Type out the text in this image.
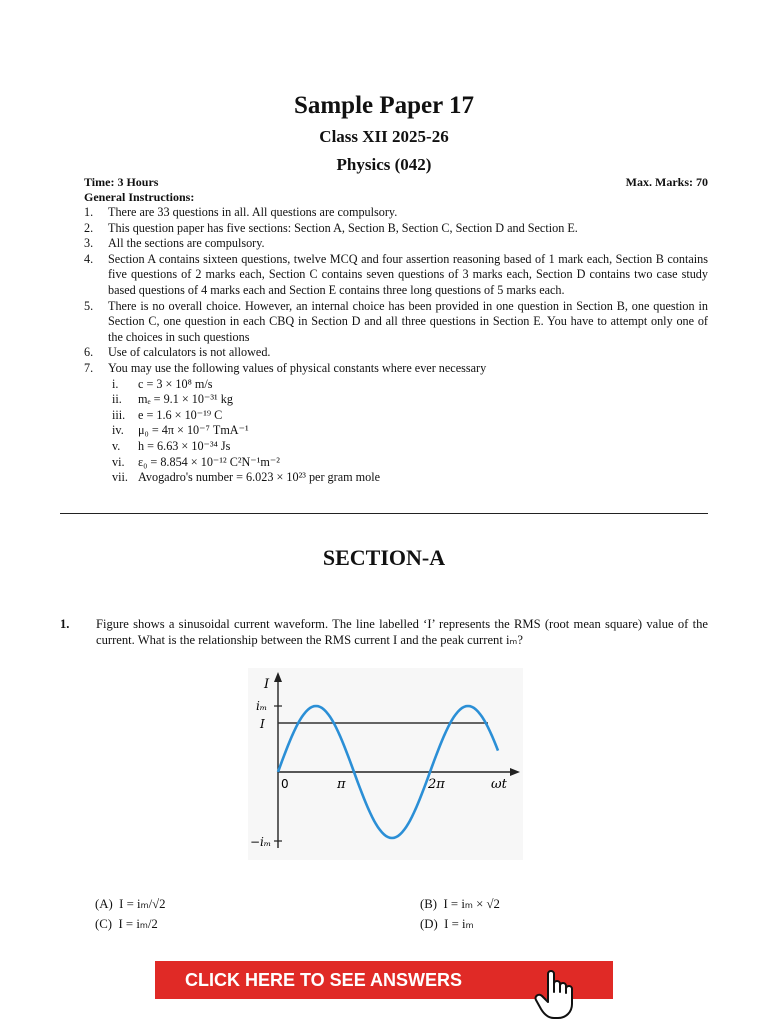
Sample Paper 17
Class XII 2025-26
Physics (042)
Time: 3 Hours	Max. Marks: 70
General Instructions:
1.	There are 33 questions in all. All questions are compulsory.
2.	This question paper has five sections: Section A, Section B, Section C, Section D and Section E.
3.	All the sections are compulsory.
4.	Section A contains sixteen questions, twelve MCQ and four assertion reasoning based of 1 mark each, Section B contains five questions of 2 marks each, Section C contains seven questions of 3 marks each, Section D contains two case study based questions of 4 marks each and Section E contains three long questions of 5 marks each.
5.	There is no overall choice. However, an internal choice has been provided in one question in Section B, one question in Section C, one question in each CBQ in Section D and all three questions in Section E. You have to attempt only one of the choices in such questions
6.	Use of calculators is not allowed.
7.	You may use the following values of physical constants where ever necessary
i.	c = 3 × 10⁸ m/s
ii.	mₑ = 9.1 × 10⁻³¹ kg
iii.	e = 1.6 × 10⁻¹⁹ C
iv.	μ₀ = 4π × 10⁻⁷ TmA⁻¹
v.	h = 6.63 × 10⁻³⁴ Js
vi.	ε₀ = 8.854 × 10⁻¹² C²N⁻¹m⁻²
vii. Avogadro's number = 6.023 × 10²³ per gram mole
SECTION-A
1.	Figure shows a sinusoidal current waveform. The line labelled ‘I’ represents the RMS (root mean square) value of the current. What is the relationship between the RMS current I and the peak current iₘ?
I
iₘ
I
0	π	2π	ωt
−iₘ
(A) I = iₘ/√2	(B) I = iₘ × √2
(C) I = iₘ/2	(D) I = iₘ
CLICK HERE TO SEE ANSWERS
